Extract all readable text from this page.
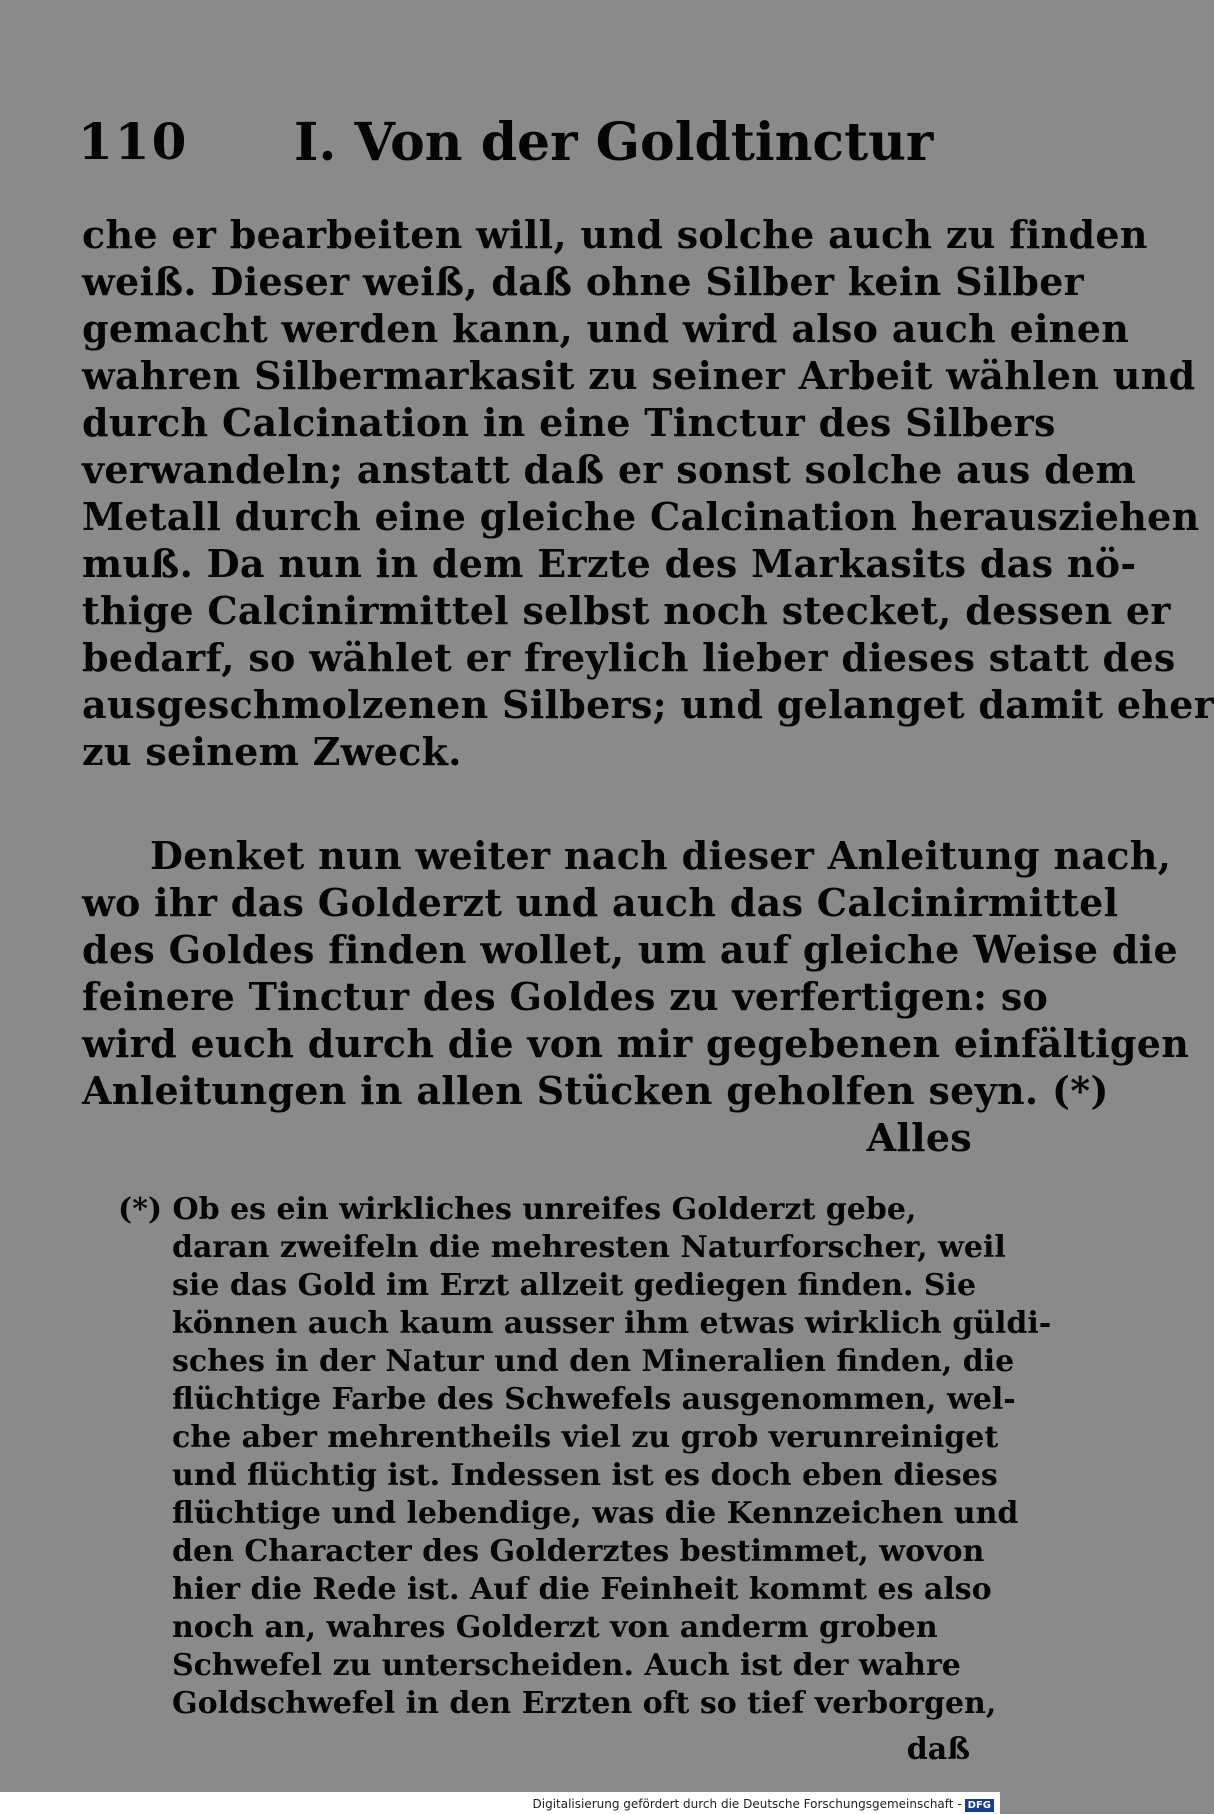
110 I. Von der Goldtinctur
che er bearbeiten will, und solche auch zu finden
weiß. Dieser weiß, daß ohne Silber kein Silber
gemacht werden kann, und wird also auch einen
wahren Silbermarkasit zu seiner Arbeit wählen und
durch Calcination in eine Tinctur des Silbers
verwandeln; anstatt daß er sonst solche aus dem
Metall durch eine gleiche Calcination herausziehen
muß. Da nun in dem Erzte des Markasits das nö-
thige Calcinirmittel selbst noch stecket, dessen er
bedarf, so wählet er freylich lieber dieses statt des
ausgeschmolzenen Silbers; und gelanget damit eher
zu seinem Zweck.
Denket nun weiter nach dieser Anleitung nach,
wo ihr das Golderzt und auch das Calcinirmittel
des Goldes finden wollet, um auf gleiche Weise die
feinere Tinctur des Goldes zu verfertigen: so
wird euch durch die von mir gegebenen einfältigen
Anleitungen in allen Stücken geholfen seyn. (*)
Alles
(*) Ob es ein wirkliches unreifes Golderzt gebe,
daran zweifeln die mehresten Naturforscher, weil
sie das Gold im Erzt allzeit gediegen finden. Sie
können auch kaum ausser ihm etwas wirklich güldi-
sches in der Natur und den Mineralien finden, die
flüchtige Farbe des Schwefels ausgenommen, wel-
che aber mehrentheils viel zu grob verunreiniget
und flüchtig ist. Indessen ist es doch eben dieses
flüchtige und lebendige, was die Kennzeichen und
den Character des Golderztes bestimmet, wovon
hier die Rede ist. Auf die Feinheit kommt es also
noch an, wahres Golderzt von anderm groben
Schwefel zu unterscheiden. Auch ist der wahre
Goldschwefel in den Erzten oft so tief verborgen,
daß
Digitalisierung gefördert durch die Deutsche Forschungsgemeinschaft - DFG
